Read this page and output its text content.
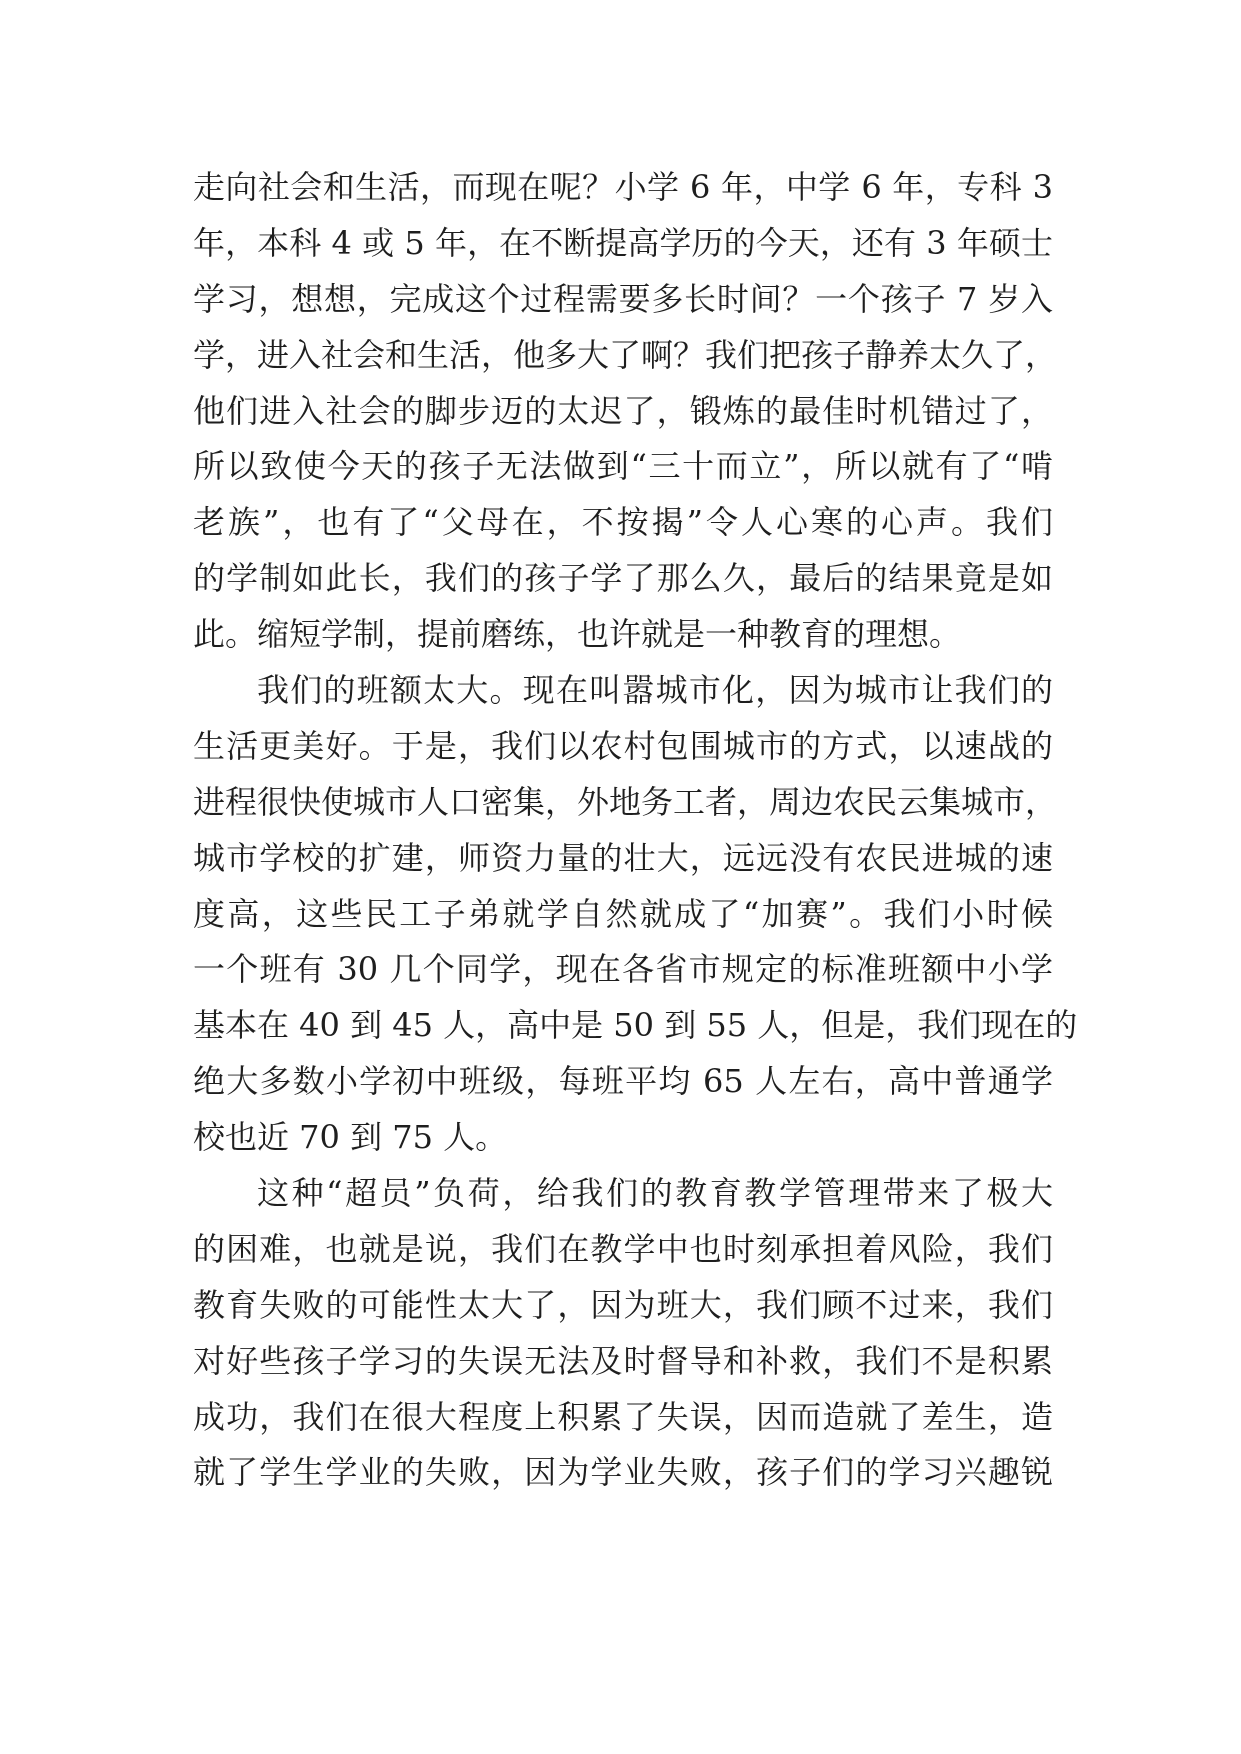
走向社会和生活，而现在呢？小学 6 年，中学 6 年，专科 3
年，本科 4 或 5 年，在不断提高学历的今天，还有 3 年硕士
学习，想想，完成这个过程需要多长时间？一个孩子 7 岁入
学，进入社会和生活，他多大了啊？我们把孩子静养太久了，
他们进入社会的脚步迈的太迟了，锻炼的最佳时机错过了，
所以致使今天的孩子无法做到“三十而立”，所以就有了“啃
老族”，也有了“父母在，不按揭”令人心寒的心声。我们
的学制如此长，我们的孩子学了那么久，最后的结果竟是如
此。缩短学制，提前磨练，也许就是一种教育的理想。
我们的班额太大。现在叫嚣城市化，因为城市让我们的
生活更美好。于是，我们以农村包围城市的方式，以速战的
进程很快使城市人口密集，外地务工者，周边农民云集城市，
城市学校的扩建，师资力量的壮大，远远没有农民进城的速
度高，这些民工子弟就学自然就成了“加赛”。我们小时候
一个班有 30 几个同学，现在各省市规定的标准班额中小学
基本在 40 到 45 人，高中是 50 到 55 人，但是，我们现在的
绝大多数小学初中班级，每班平均 65 人左右，高中普通学
校也近 70 到 75 人。
这种“超员”负荷，给我们的教育教学管理带来了极大
的困难，也就是说，我们在教学中也时刻承担着风险，我们
教育失败的可能性太大了，因为班大，我们顾不过来，我们
对好些孩子学习的失误无法及时督导和补救，我们不是积累
成功，我们在很大程度上积累了失误，因而造就了差生，造
就了学生学业的失败，因为学业失败，孩子们的学习兴趣锐
